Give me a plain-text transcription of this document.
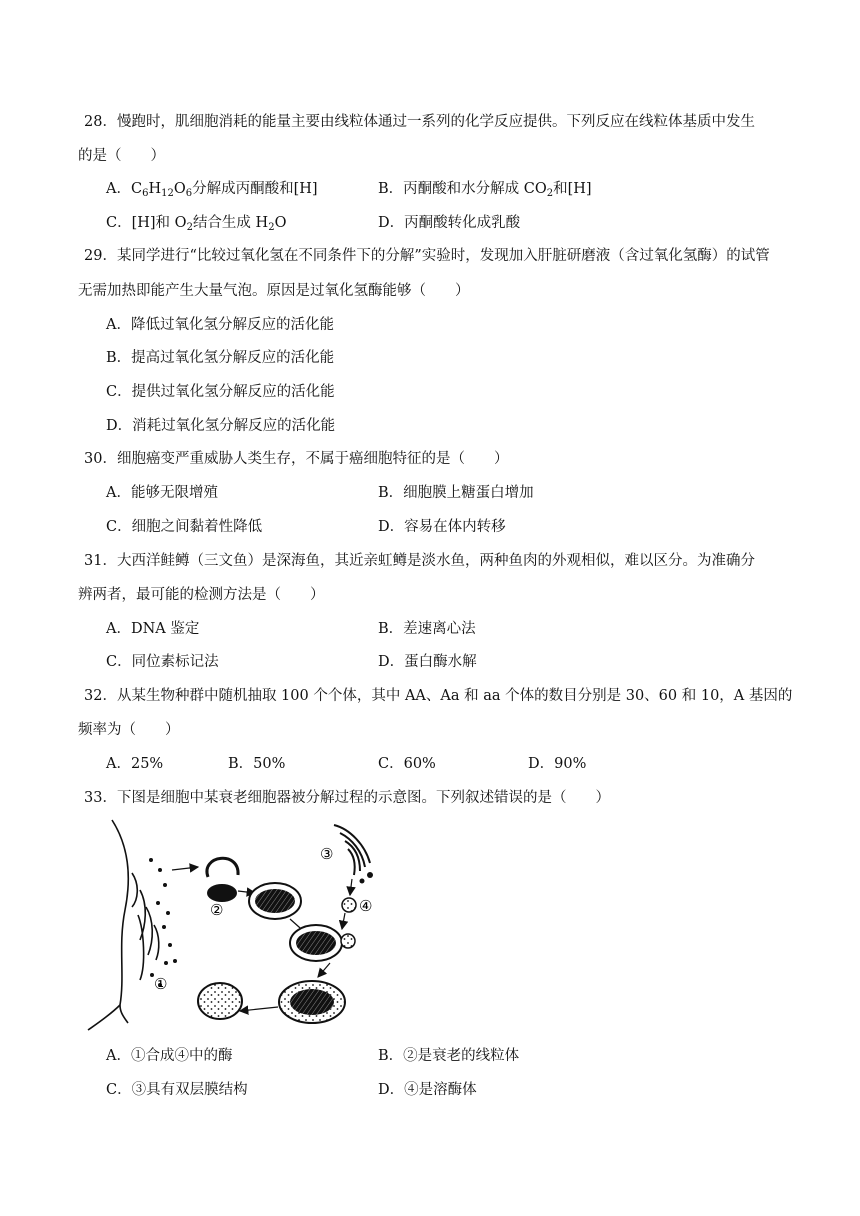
28．慢跑时，肌细胞消耗的能量主要由线粒体通过一系列的化学反应提供。下列反应在线粒体基质中发生
的是（　　）
A．$C_6H_{12}O_6$分解成丙酮酸和[H]	B．丙酮酸和水分解成 $CO_2$和[H]
C．[H]和 $O_2$结合生成 $H_2O$	D．丙酮酸转化成乳酸
29．某同学进行“比较过氧化氢在不同条件下的分解”实验时，发现加入肝脏研磨液（含过氧化氢酶）的试管
无需加热即能产生大量气泡。原因是过氧化氢酶能够（　　）
A．降低过氧化氢分解反应的活化能
B．提高过氧化氢分解反应的活化能
C．提供过氧化氢分解反应的活化能
D．消耗过氧化氢分解反应的活化能
30．细胞癌变严重威胁人类生存，不属于癌细胞特征的是（　　）
A．能够无限增殖	B．细胞膜上糖蛋白增加
C．细胞之间黏着性降低	D．容易在体内转移
31．大西洋鲑鳟（三文鱼）是深海鱼，其近亲虹鳟是淡水鱼，两种鱼肉的外观相似，难以区分。为准确分
辨两者，最可能的检测方法是（　　）
A．DNA 鉴定	B．差速离心法
C．同位素标记法	D．蛋白酶水解
32．从某生物种群中随机抽取 100 个个体，其中 AA、Aa 和 aa 个体的数目分别是 30、60 和 10，A 基因的
频率为（　　）
A．25%	B．50%	C．60%	D．90%
33．下图是细胞中某衰老细胞器被分解过程的示意图。下列叙述错误的是（　　）
①
②
③
④
A．①合成④中的酶	B．②是衰老的线粒体
C．③具有双层膜结构	D．④是溶酶体
